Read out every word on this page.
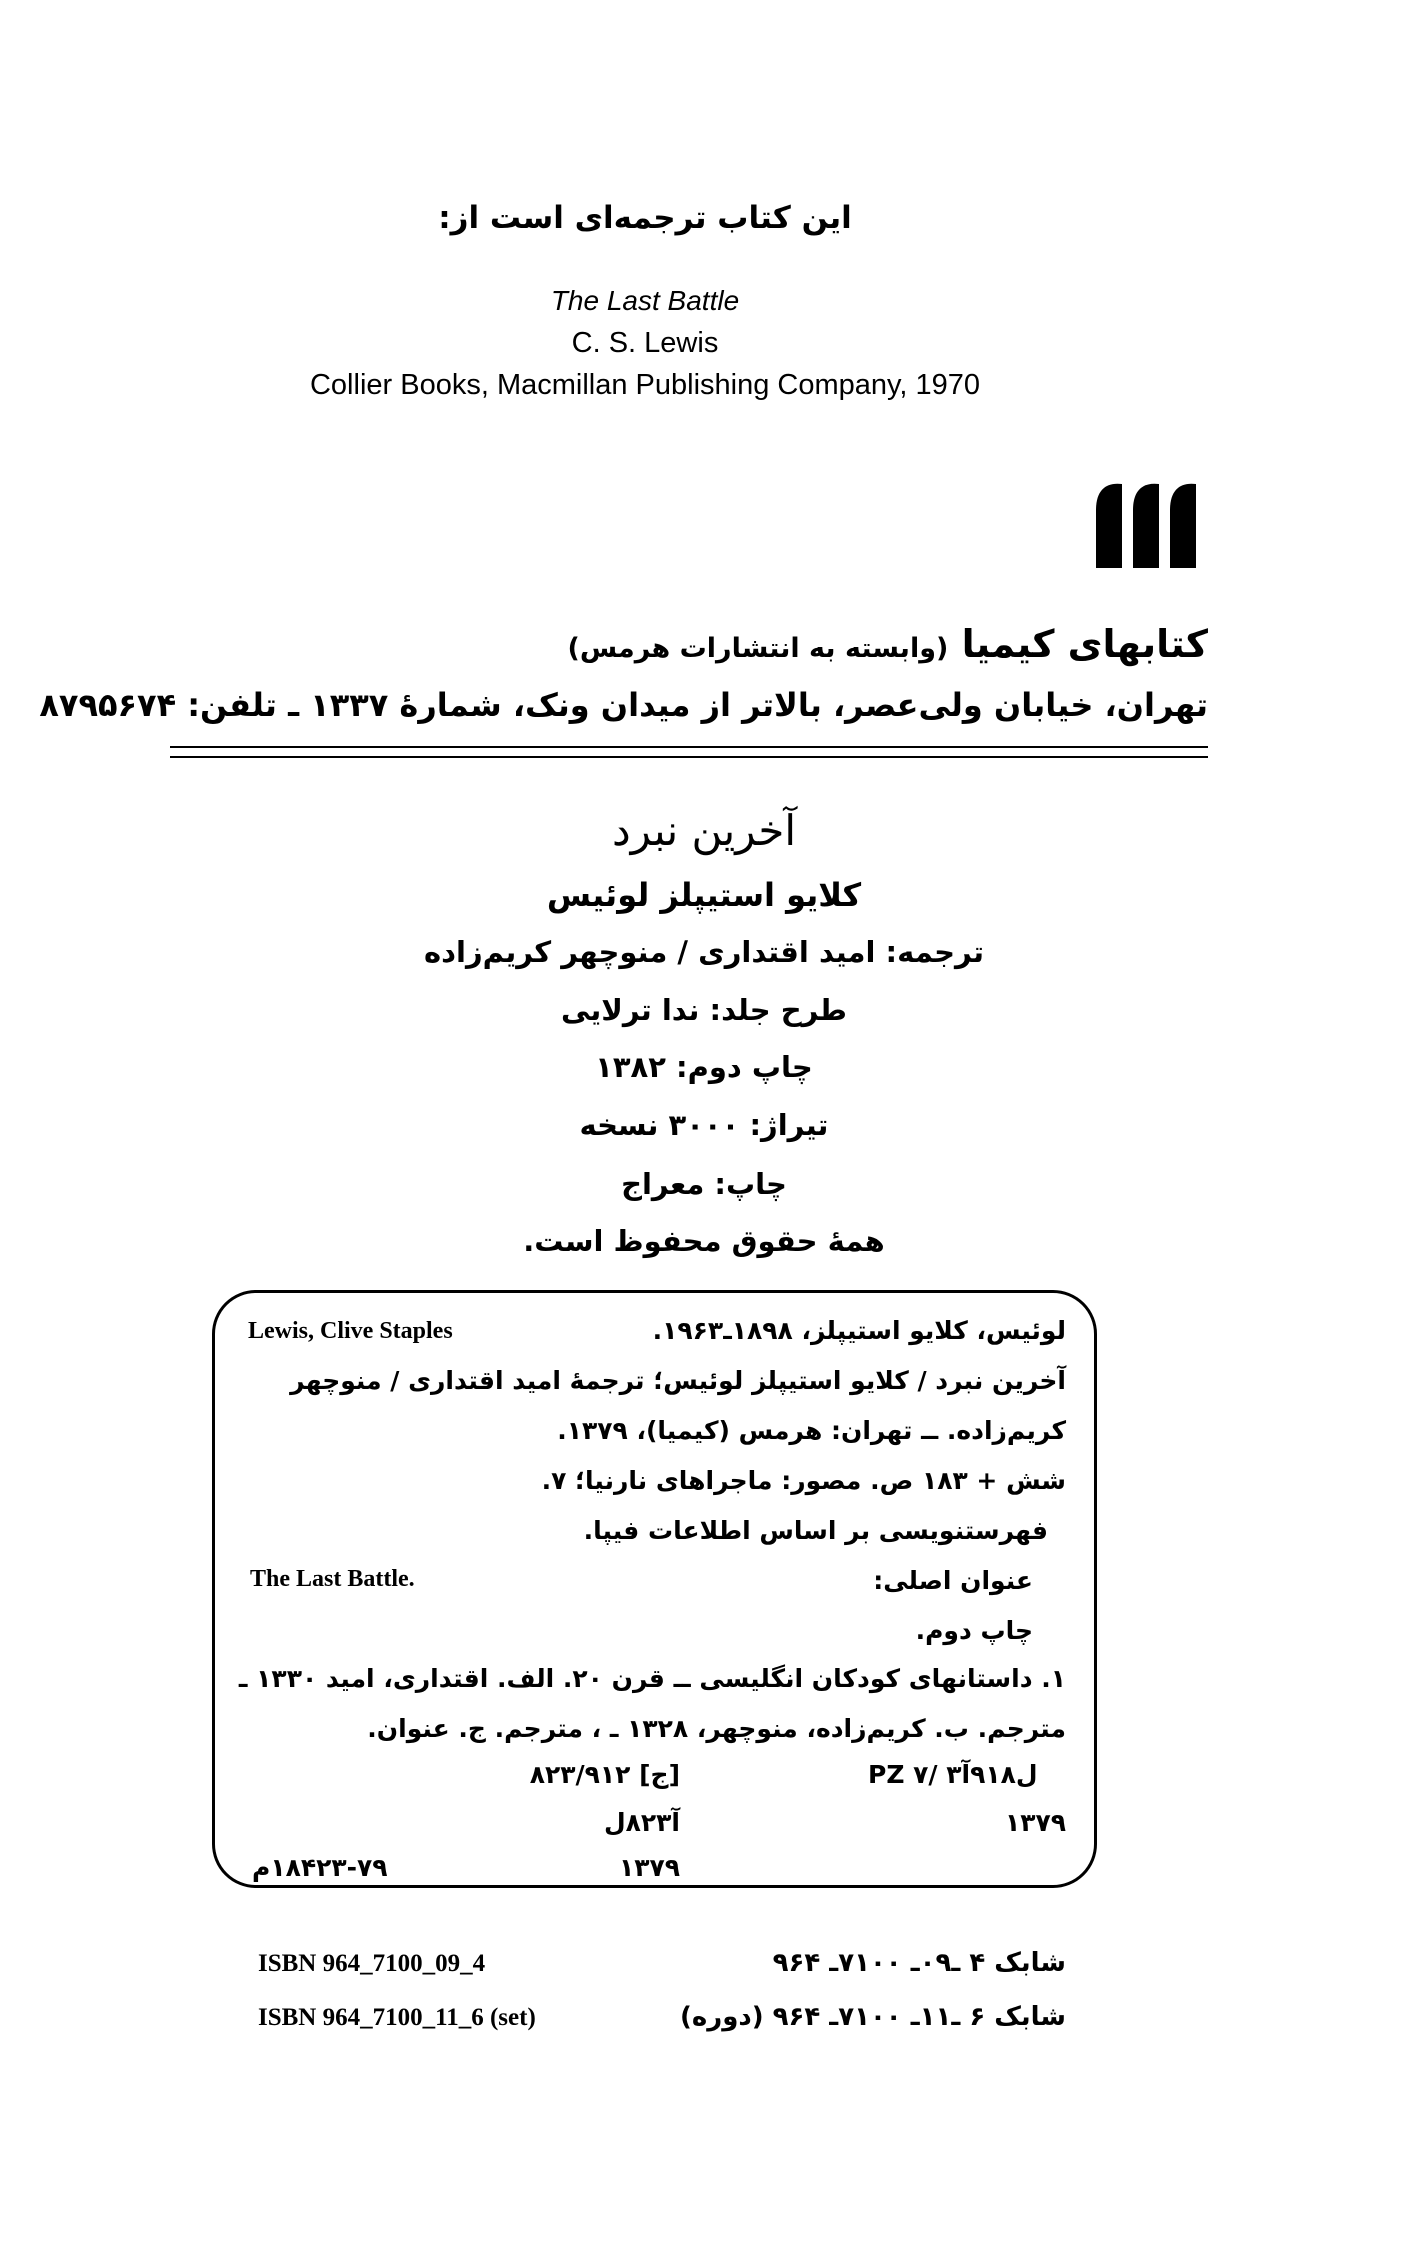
این کتاب ترجمه‌ای است از:
The Last Battle
C. S. Lewis
Collier Books, Macmillan Publishing Company, 1970
کتابهای کیمیا (وابسته به انتشارات هرمس)
تهران، خیابان ولی‌عصر، بالاتر از میدان ونک، شمارهٔ ۱۳۳۷ ـ تلفن: ۸۷۹۵۶۷۴
آخرین نبرد
کلایو استیپلز لوئیس
ترجمه: امید اقتداری / منوچهر کریم‌زاده
طرح جلد: ندا ترلایی
چاپ دوم: ۱۳۸۲
تیراژ: ۳۰۰۰ نسخه
چاپ: معراج
همهٔ حقوق محفوظ است.
Lewis, Clive Staples	لوئیس، کلایو استیپلز، ۱۸۹۸ـ۱۹۶۳.
آخرین نبرد / کلایو استیپلز لوئیس؛ ترجمهٔ امید اقتداری / منوچهر
کریم‌زاده. ــ تهران: هرمس (کیمیا)، ۱۳۷۹.
شش + ۱۸۳ ص. مصور: ماجراهای نارنیا؛ ۷.
فهرستنویسی بر اساس اطلاعات فیپا.
The Last Battle.	عنوان اصلی:
چاپ دوم.
۱. داستانهای کودکان انگلیسی ــ قرن ۲۰. الف. اقتداری، امید ۱۳۳۰ ـ
مترجم. ب. کریم‌زاده، منوچهر، ۱۳۲۸ ـ ، مترجم. ج. عنوان.
PZ ۷/ ل۹۱۸آ۳
[ج] ۸۲۳/۹۱۲
۱۳۷۹
آ۸۲۳ل
۱۳۷۹
۱۸۴۲۳-۷۹م
ISBN 964_7100_09_4
ISBN 964_7100_11_6 (set)
شابک ۴ ـ۰۹ـ ۷۱۰۰ـ ۹۶۴
شابک ۶ ـ۱۱ـ ۷۱۰۰ـ ۹۶۴ (دوره)
